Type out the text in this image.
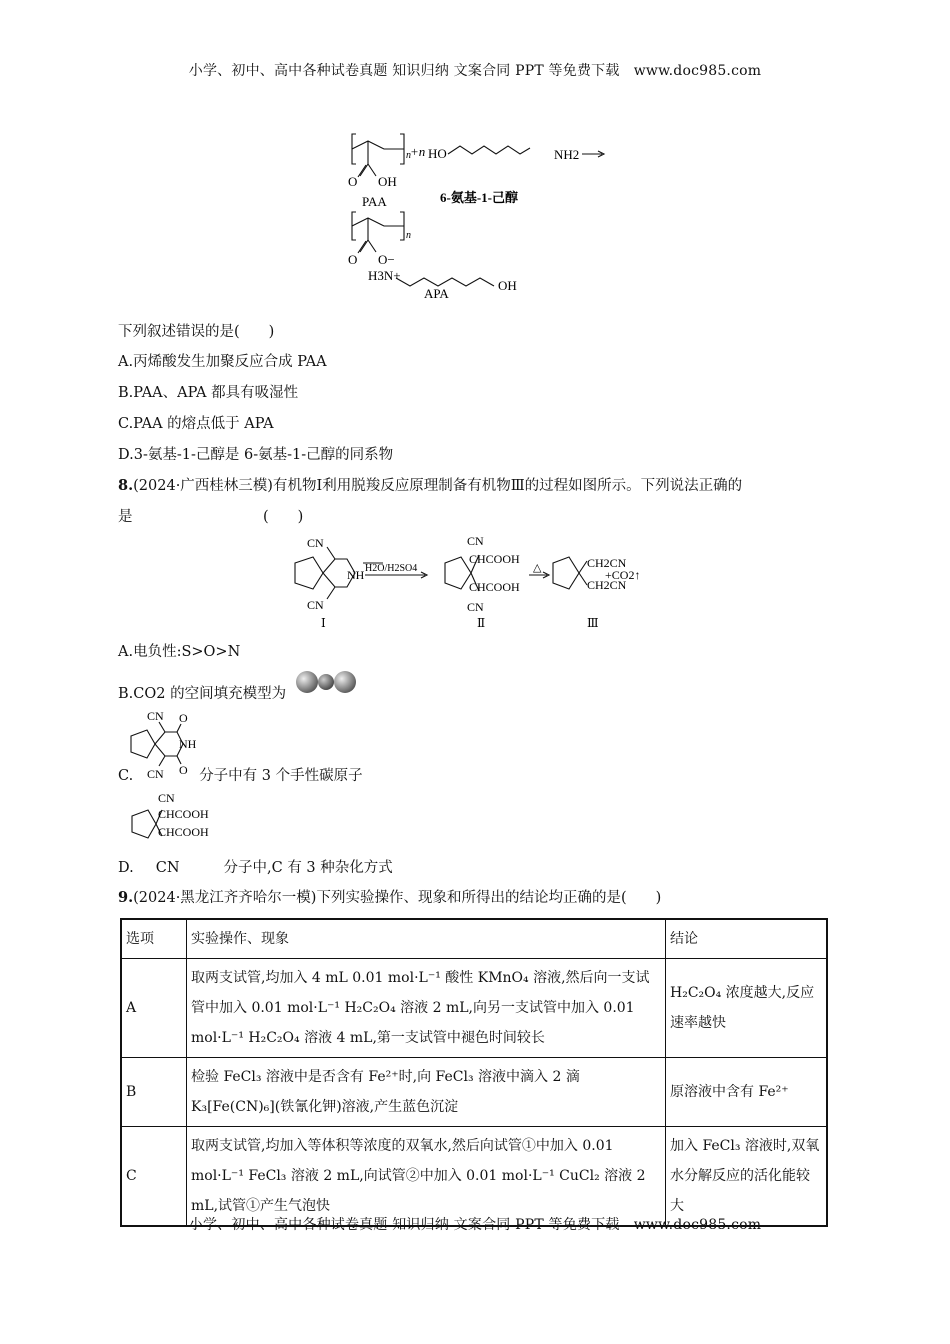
小学、初中、高中各种试卷真题 知识归纳 文案合同 PPT 等免费下载　www.doc985.com
n +n HO	NH2
O OH
PAA	6-氨基-1-己醇
n
O O−
H3N+
OH
APA
下列叙述错误的是(　　)
A.丙烯酸发生加聚反应合成 PAA
B.PAA、APA 都具有吸湿性
C.PAA 的熔点低于 APA
D.3-氨基-1-己醇是 6-氨基-1-己醇的同系物
8.(2024·广西桂林三模)有机物Ⅰ利用脱羧反应原理制备有机物Ⅲ的过程如图所示。下列说法正确的
是　　　　　　　　　(　　)
CN
CN
NH H2O/H2SO4
Ⅰ
CN
CHCOOH
CHCOOH
CN
△
Ⅱ
CH2CN
CH2CN
+CO2↑
Ⅲ
A.电负性:S>O>N
B.CO2 的空间填充模型为
CN O
NH
O
CN
C.	分子中有 3 个手性碳原子
CN
CHCOOH
CHCOOH
D. CN	分子中,C 有 3 种杂化方式
9.(2024·黑龙江齐齐哈尔一模)下列实验操作、现象和所得出的结论均正确的是(　　)
选项	实验操作、现象	结论
A	取两支试管,均加入 4 mL 0.01 mol·L⁻¹ 酸性 KMnO₄ 溶液,然后向一支试管中加入 0.01 mol·L⁻¹ H₂C₂O₄ 溶液 2 mL,向另一支试管中加入 0.01 mol·L⁻¹ H₂C₂O₄ 溶液 4 mL,第一支试管中褪色时间较长	H₂C₂O₄ 浓度越大,反应速率越快
B	检验 FeCl₃ 溶液中是否含有 Fe²⁺时,向 FeCl₃ 溶液中滴入 2 滴 K₃[Fe(CN)₆](铁氰化钾)溶液,产生蓝色沉淀	原溶液中含有 Fe²⁺
C	取两支试管,均加入等体积等浓度的双氧水,然后向试管①中加入 0.01 mol·L⁻¹ FeCl₃ 溶液 2 mL,向试管②中加入 0.01 mol·L⁻¹ CuCl₂ 溶液 2 mL,试管①产生气泡快	加入 FeCl₃ 溶液时,双氧水分解反应的活化能较大
小学、初中、高中各种试卷真题 知识归纳 文案合同 PPT 等免费下载　www.doc985.com
